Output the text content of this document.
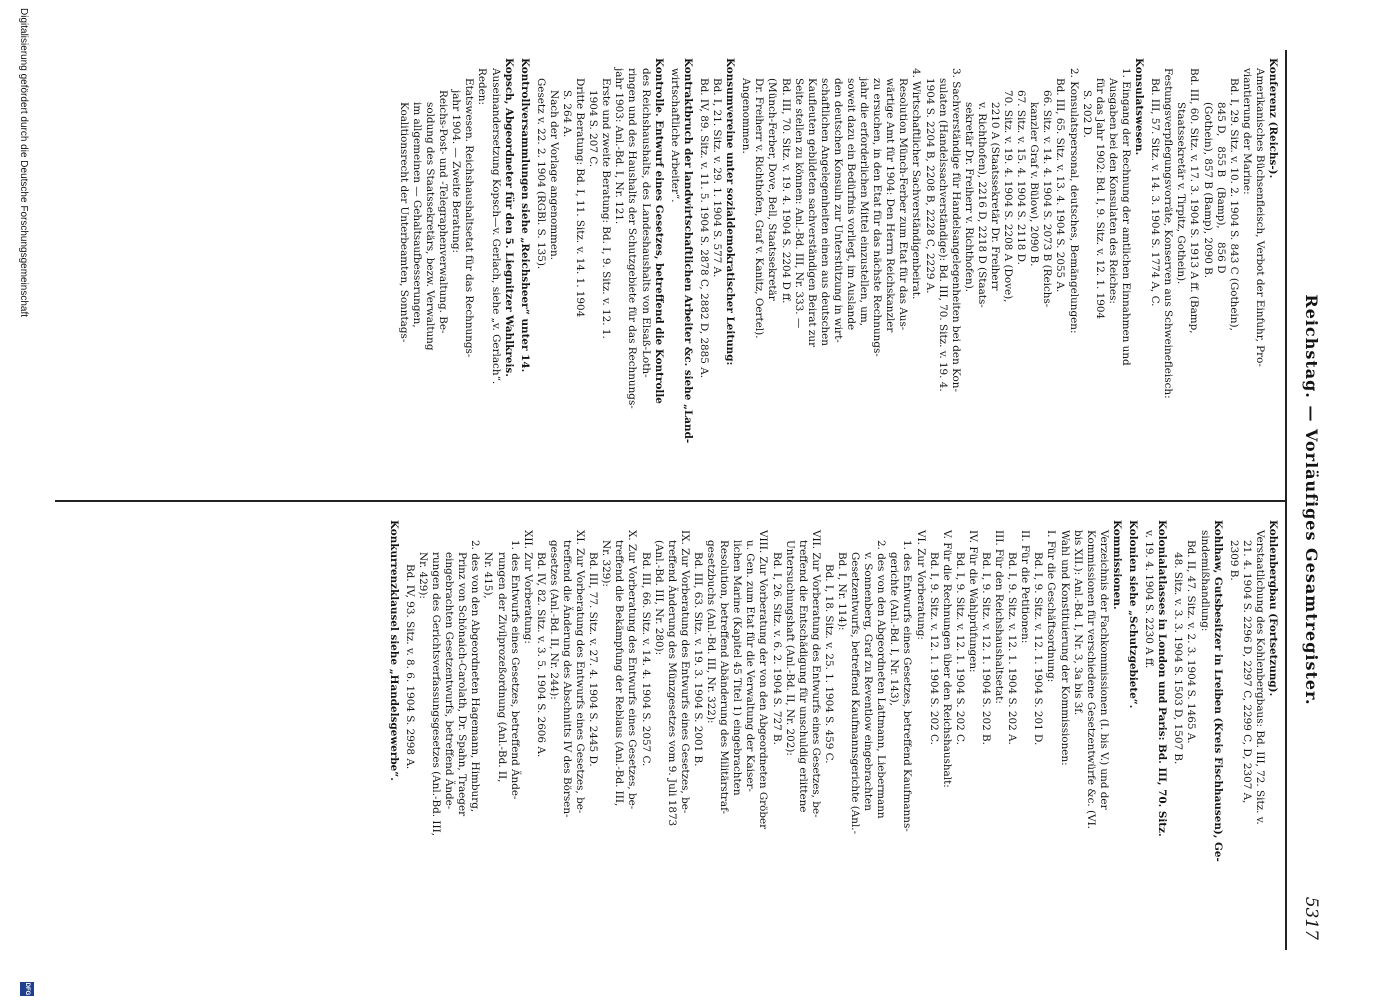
Reichstag. — Vorläufiges Gesamtregister.
5317
Konferenz (Reichs-).
Amerikanisches Büchsenfleisch, Verbot der Einfuhr, Pro-
viantierung der Marine:
Bd. I, 29. Sitz. v. 10. 2. 1904 S. 843 C (Gothein),
845 D,   855 B   (Bamp),    856 D
(Gothein), 857 B (Bamp), 2090 B.
Bd. III, 60. Sitz. v. 17. 3. 1904 S. 1913 A ff. (Bamp,
Staatssekretär v. Tirpitz, Gothein).
Festungsverpflegungsvorräte, Konserven aus Schweinefleisch:
Bd. III, 57. Sitz. v. 14. 3. 1904 S. 1774 A, C.
Konsulatswesen.
1. Eingang der Rechnung der amtlichen Einnahmen und
Ausgaben bei den Konsulaten des Reiches:
für das Jahr 1902: Bd. I, 9. Sitz. v. 12. 1. 1904
S. 202 D.
2. Konsulatspersonal, deutsches, Bemängelungen:
Bd. III, 65. Sitz. v. 13. 4. 1904 S. 2055 A.
66. Sitz. v. 14. 4. 1904 S. 2073 B (Reichs-
kanzler Graf v. Bülow), 2090 B.
67. Sitz. v. 15. 4. 1904 S. 2118 D.
70. Sitz. v. 19. 4. 1904 S. 2208 A (Dove),
2210 A (Staatssekretär Dr. Freiherr
v. Richthofen), 2216 D, 2218 D (Staats-
sekretär Dr. Freiherr v. Richthofen).
3. Sachverständige für Handelsangelegenheiten bei den Kon-
sulaten (Handelssachverständige): Bd. III, 70. Sitz. v. 19. 4.
1904 S. 2204 B, 2208 B, 2228 C, 2229 A.
4. Wirtschaftlicher Sachverständigenbeirat.
Resolution Münch-Ferber zum Etat für das Aus-
wärtige Amt für 1904: Den Herrn Reichskanzler
zu ersuchen, in den Etat für das nächste Rechnungs-
jahr die erforderlichen Mittel einzustellen, um,
soweit dazu ein Bedürfnis vorliegt, im Auslande
den deutschen Konsuln zur Unterstützung in wirt-
schaftlichen Angelegenheiten einen aus deutschen
Kaufleuten gebildeten sachverständigen Beirat zur
Seite stellen zu können: Anl.-Bd. III, Nr. 333. —
Bd. III, 70. Sitz. v. 19. 4. 1904 S. 2204 D ff.
(Münch-Ferber, Dove, Bell, Staatssekretär
Dr. Freiherr v. Richthofen, Graf v. Kanitz, Oertel).
Angenommen.
Konsumvereine unter sozialdemokratischer Leitung:
Bd. I, 21. Sitz. v. 29. 1. 1904 S. 577 A.
Bd. IV, 89. Sitz. v. 11. 5. 1904 S. 2878 C, 2882 D, 2885 A.
Kontraktbruch der landwirtschaftlichen Arbeiter &c. siehe „Land-
wirtschaftliche Arbeiter“.
Kontrolle. Entwurf eines Gesetzes, betreffend die Kontrolle
des Reichshaushalts, des Landeshaushalts von Elsaß-Loth-
ringen und des Haushalts der Schutzgebiete für das Rechnungs-
jahr 1903: Anl.-Bd. I, Nr. 121.
Erste und zweite Beratung: Bd. I, 9. Sitz. v. 12. 1.
1904 S. 207 C.
Dritte Beratung: Bd. I, 11. Sitz. v. 14. 1. 1904
S. 264 A.
Nach der Vorlage angenommen.
Gesetz v. 22. 2. 1904 (RGBl. S. 135).
Kontrollversammlungen siehe „Reichsheer“ unter 14.
Kopsch, Abgeordneter für den 5. Liegnitzer Wahlkreis.
Auseinandersetzung Kopsch—v. Gerlach, siehe „v. Gerlach“.
Reden:
Etatswesen. Reichshaushaltsetat für das Rechnungs-
jahr 1904. — Zweite Beratung:
Reichs-Post- und -Telegraphenverwaltung. Be-
soldung des Staatssekretärs, bezw. Verwaltung
im allgemeinen — Gehaltsaufbesserungen,
Koalitionsrecht der Unterbeamten, Sonntags-
Kohlenbergbau (Fortsetzung).
Verstaatlichung des Kohlenbergbaus: Bd. III, 72. Sitz. v.
21. 4. 1904 S. 2296 D, 2297 C, 2299 C, D, 2307 A,
2309 B.
Kohlhaw, Gutsbesitzer in Lreiben (Kreis Fischhausen), Ge-
sindemißhandlung:
Bd. II, 47. Sitz. v. 2. 3. 1904 S. 1465 A.
48. Sitz. v. 3. 3. 1904 S. 1503 D, 1507 B.
Kolonialatlasses in London und Paris: Bd. III, 70. Sitz.
v. 19. 4. 1904 S. 2230 A ff.
Kolonien siehe „Schutzgebiete“.
Kommissionen.
Verzeichnis der Fachkommissionen (I. bis V.) und der
Kommissionen für verschiedene Gesetzentwürfe &c. (VI.
bis XII.): Anl.-Bd. I, Nr. 3, 3a bis 3f.
Wahl und Konstituierung der Kommissionen:
I. Für die Geschäftsordnung:
Bd. I, 9. Sitz. v. 12. 1. 1904 S. 201 D.
II. Für die Petitionen:
Bd. I, 9. Sitz. v. 12. 1. 1904 S. 202 A.
III. Für den Reichshaushaltsetat:
Bd. I, 9. Sitz. v. 12. 1. 1904 S. 202 B.
IV. Für die Wahlprüfungen:
Bd. I, 9. Sitz. v. 12. 1. 1904 S. 202 C.
V. Für die Rechnungen über den Reichshaushalt:
Bd. I, 9. Sitz. v. 12. 1. 1904 S. 202 C.
VI. Zur Vorberatung:
1. des Entwurfs eines Gesetzes, betreffend Kaufmanns-
gerichte (Anl.-Bd. I, Nr. 143),
2. des von den Abgeordneten Lattmann, Liebermann
v. Sonnenberg, Graf zu Reventlow eingebrachten
Gesetzentwurfs, betreffend Kaufmannsgerichte (Anl.-
Bd. I, Nr. 114):
Bd. I, 18. Sitz. v. 25. 1. 1904 S. 459 C.
VII. Zur Vorberatung des Entwurfs eines Gesetzes, be-
treffend die Entschädigung für unschuldig erlittene
Untersuchungshaft (Anl.-Bd. II, Nr. 202):
Bd. I, 26. Sitz. v. 6. 2. 1904 S. 727 B.
VIII. Zur Vorberatung der von den Abgeordneten Gröber
u. Gen. zum Etat für die Verwaltung der Kaiser-
lichen Marine (Kapitel 45 Titel 1) eingebrachten
Resolution, betreffend Abänderung des Militärstraf-
gesetzbuchs (Anl.-Bd. III, Nr. 322):
Bd. III, 63. Sitz. v. 19. 3. 1904 S. 2001 B.
IX. Zur Vorberatung des Entwurfs eines Gesetzes, be-
treffend Änderung des Münzgesetzes vom 9. Juli 1873
(Anl.-Bd. III, Nr. 280):
Bd. III, 66. Sitz. v. 14. 4. 1904 S. 2057 C.
X. Zur Vorberatung des Entwurfs eines Gesetzes, be-
treffend die Bekämpfung der Reblaus (Anl.-Bd. III,
Nr. 329):
Bd. III, 77. Sitz. v. 27. 4. 1904 S. 2445 D.
XI. Zur Vorberatung des Entwurfs eines Gesetzes, be-
treffend die Änderung des Abschnitts IV des Börsen-
gesetzes (Anl.-Bd. II, Nr. 244):
Bd. IV, 82. Sitz. v. 3. 5. 1904 S. 2606 A.
XII. Zur Vorberatung:
1. des Entwurfs eines Gesetzes, betreffend Ände-
rungen der Zivilprozeßordnung (Anl.-Bd. II,
Nr. 415),
2. des von den Abgeordneten Hagemann, Himburg,
Prinz von Schönaich-Carolath, Dr. Spahn, Traeger
eingebrachten Gesetzentwurfs, betreffend Ände-
rungen des Gerichtsverfassungsgesetzes (Anl.-Bd. III,
Nr. 429):
Bd. IV, 93. Sitz. v. 8. 6. 1904 S. 2998 A.
Konkurrenzklausel siehe „Handelsgewerbe“.
Digitalisierung gefördert durch die Deutsche Forschungsgemeinschaft
DFG
